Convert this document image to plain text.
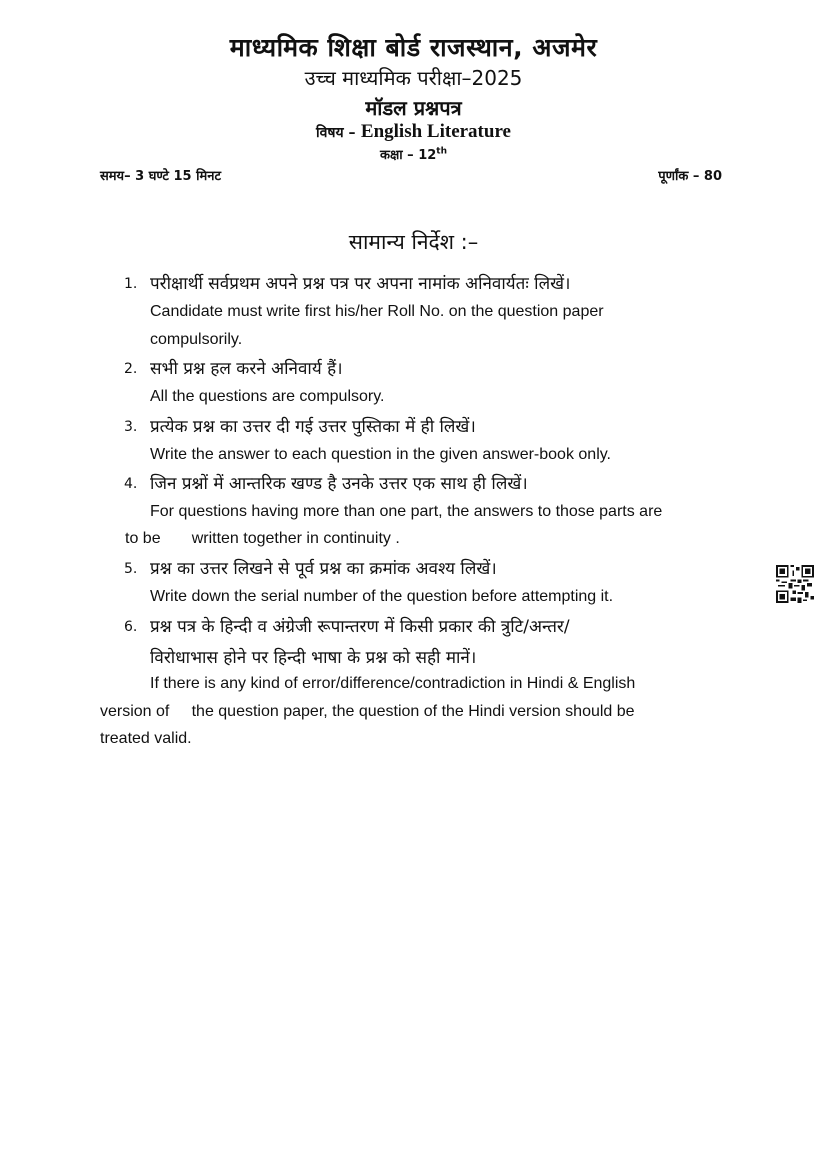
माध्यमिक शिक्षा बोर्ड राजस्थान, अजमेर
उच्च माध्यमिक परीक्षा–2025
मॉडल प्रश्नपत्र
विषय – English Literature
कक्षा – 12th
समय– 3 घण्टे 15 मिनट	पूर्णांक – 80
सामान्य निर्देश :–
1. परीक्षार्थी सर्वप्रथम अपने प्रश्न पत्र पर अपना नामांक अनिवार्यतः लिखें।
Candidate must write first his/her Roll No. on the question paper
compulsorily.
2. सभी प्रश्न हल करने अनिवार्य हैं।
All the questions are compulsory.
3. प्रत्येक प्रश्न का उत्तर दी गई उत्तर पुस्तिका में ही लिखें।
Write the answer to each question in the given answer-book only.
4. जिन प्रश्नों में आन्तरिक खण्ड है उनके उत्तर एक साथ ही लिखें।
For questions having more than one part, the answers to those parts are
to be       written together in continuity .
5. प्रश्न का उत्तर लिखने से पूर्व प्रश्न का क्रमांक अवश्य लिखें।
Write down the serial number of the question before attempting it.
6. प्रश्न पत्र के हिन्दी व अंग्रेजी रूपान्तरण में किसी प्रकार की त्रुटि/अन्तर/
विरोधाभास होने पर हिन्दी भाषा के प्रश्न को सही मानें।
If there is any kind of error/difference/contradiction in Hindi & English
version of     the question paper, the question of the Hindi version should be
treated valid.
